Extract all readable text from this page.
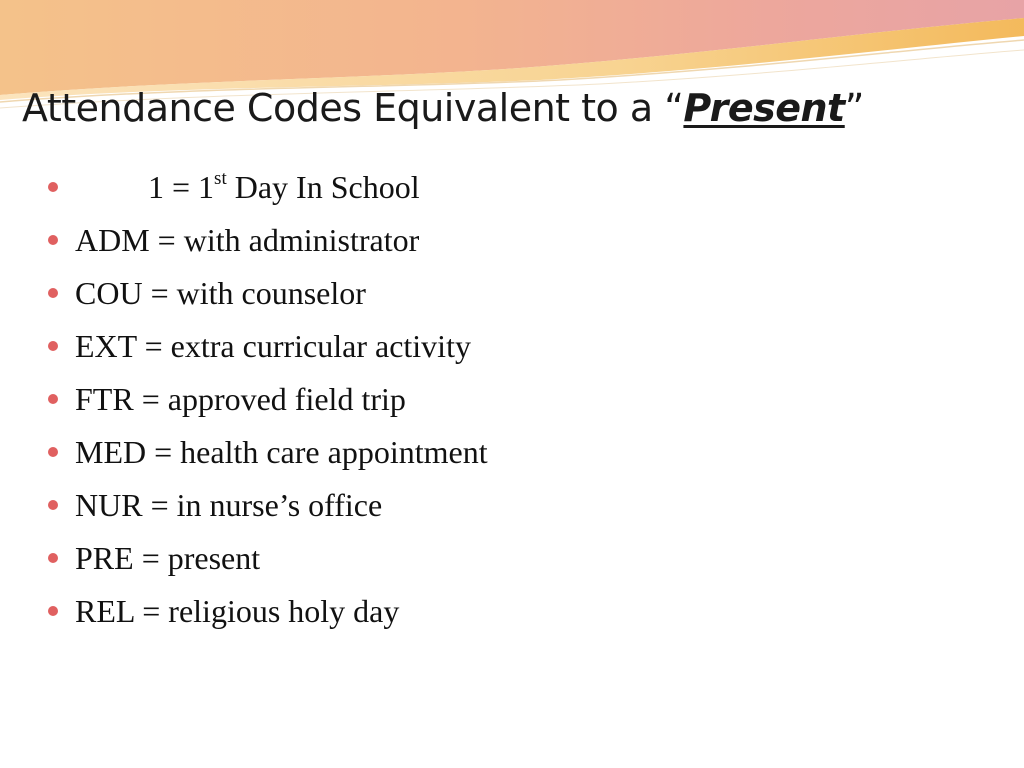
Attendance Codes Equivalent to a “Present”
1 = 1st Day In School
ADM = with administrator
COU = with counselor
EXT = extra curricular activity
FTR = approved field trip
MED = health care appointment
NUR = in nurse’s office
PRE = present
REL = religious holy day
